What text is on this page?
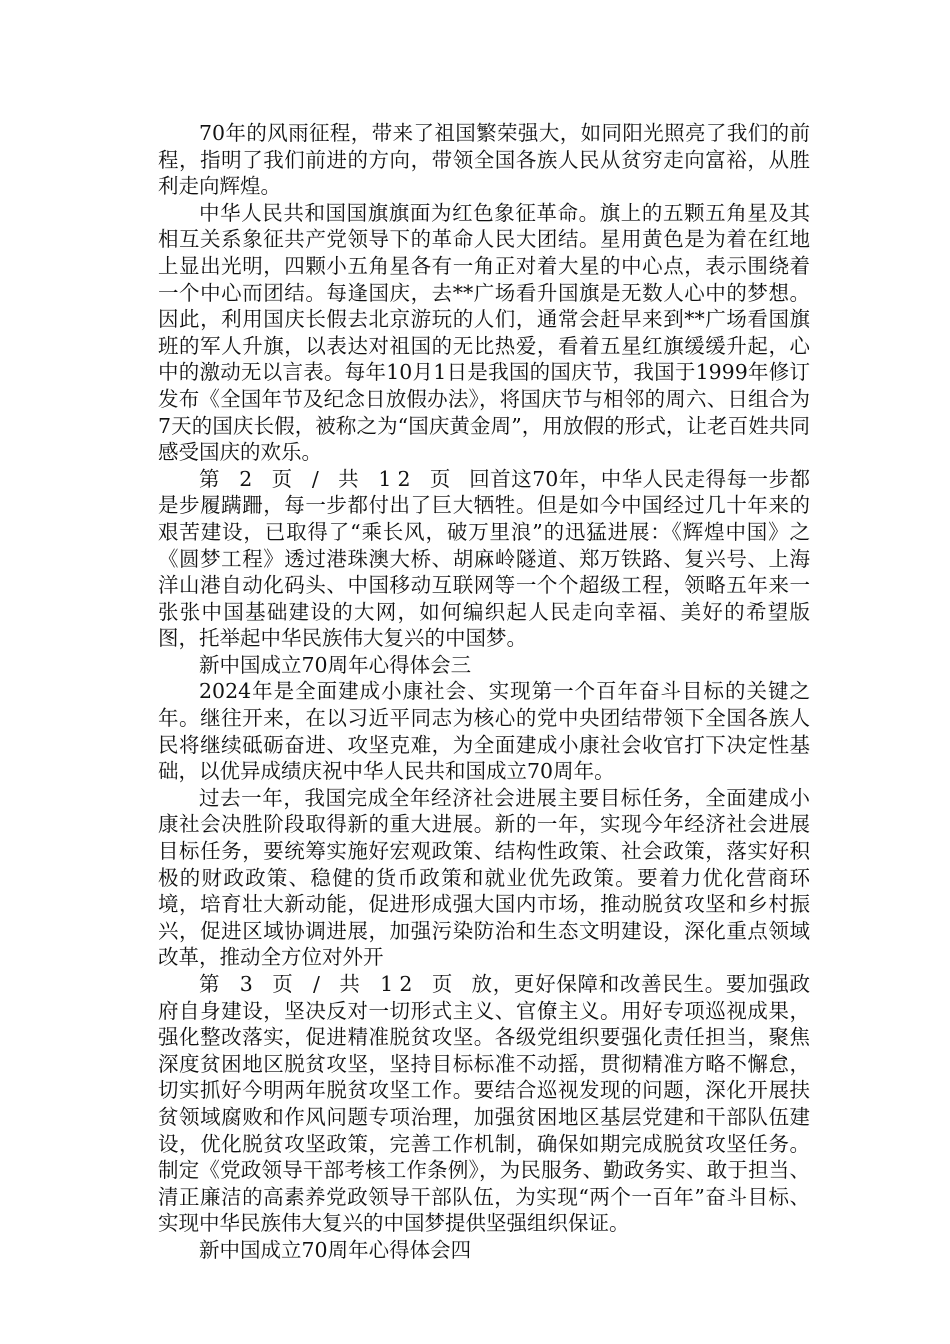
70年的风雨征程，带来了祖国繁荣强大，如同阳光照亮了我们的前程，指明了我们前进的方向，带领全国各族人民从贫穷走向富裕，从胜利走向辉煌。

中华人民共和国国旗旗面为红色象征革命。旗上的五颗五角星及其相互关系象征共产党领导下的革命人民大团结。星用黄色是为着在红地上显出光明，四颗小五角星各有一角正对着大星的中心点，表示围绕着一个中心而团结。每逢国庆，去**广场看升国旗是无数人心中的梦想。因此，利用国庆长假去北京游玩的人们，通常会赶早来到**广场看国旗班的军人升旗，以表达对祖国的无比热爱，看着五星红旗缓缓升起，心中的激动无以言表。每年10月1日是我国的国庆节，我国于1999年修订发布《全国年节及纪念日放假办法》，将国庆节与相邻的周六、日组合为7天的国庆长假，被称之为“国庆黄金周”，用放假的形式，让老百姓共同感受国庆的欢乐。

第 2 页 / 共 12 页 回首这70年，中华人民走得每一步都是步履蹒跚，每一步都付出了巨大牺牲。但是如今中国经过几十年来的艰苦建设，已取得了“乘长风，破万里浪”的迅猛进展：《辉煌中国》之《圆梦工程》透过港珠澳大桥、胡麻岭隧道、郑万铁路、复兴号、上海洋山港自动化码头、中国移动互联网等一个个超级工程，领略五年来一张张中国基础建设的大网，如何编织起人民走向幸福、美好的希望版图，托举起中华民族伟大复兴的中国梦。

新中国成立70周年心得体会三

2024年是全面建成小康社会、实现第一个百年奋斗目标的关键之年。继往开来，在以习近平同志为核心的党中央团结带领下全国各族人民将继续砥砺奋进、攻坚克难，为全面建成小康社会收官打下决定性基础，以优异成绩庆祝中华人民共和国成立70周年。

过去一年，我国完成全年经济社会进展主要目标任务，全面建成小康社会决胜阶段取得新的重大进展。新的一年，实现今年经济社会进展目标任务，要统筹实施好宏观政策、结构性政策、社会政策，落实好积极的财政政策、稳健的货币政策和就业优先政策。要着力优化营商环境，培育壮大新动能，促进形成强大国内市场，推动脱贫攻坚和乡村振兴，促进区域协调进展，加强污染防治和生态文明建设，深化重点领域改革，推动全方位对外开

第 3 页 / 共 12 页 放，更好保障和改善民生。要加强政府自身建设，坚决反对一切形式主义、官僚主义。用好专项巡视成果，强化整改落实，促进精准脱贫攻坚。各级党组织要强化责任担当，聚焦深度贫困地区脱贫攻坚，坚持目标标准不动摇，贯彻精准方略不懈怠，切实抓好今明两年脱贫攻坚工作。要结合巡视发现的问题，深化开展扶贫领域腐败和作风问题专项治理，加强贫困地区基层党建和干部队伍建设，优化脱贫攻坚政策，完善工作机制，确保如期完成脱贫攻坚任务。制定《党政领导干部考核工作条例》，为民服务、勤政务实、敢于担当、清正廉洁的高素养党政领导干部队伍，为实现“两个一百年”奋斗目标、实现中华民族伟大复兴的中国梦提供坚强组织保证。

新中国成立70周年心得体会四
